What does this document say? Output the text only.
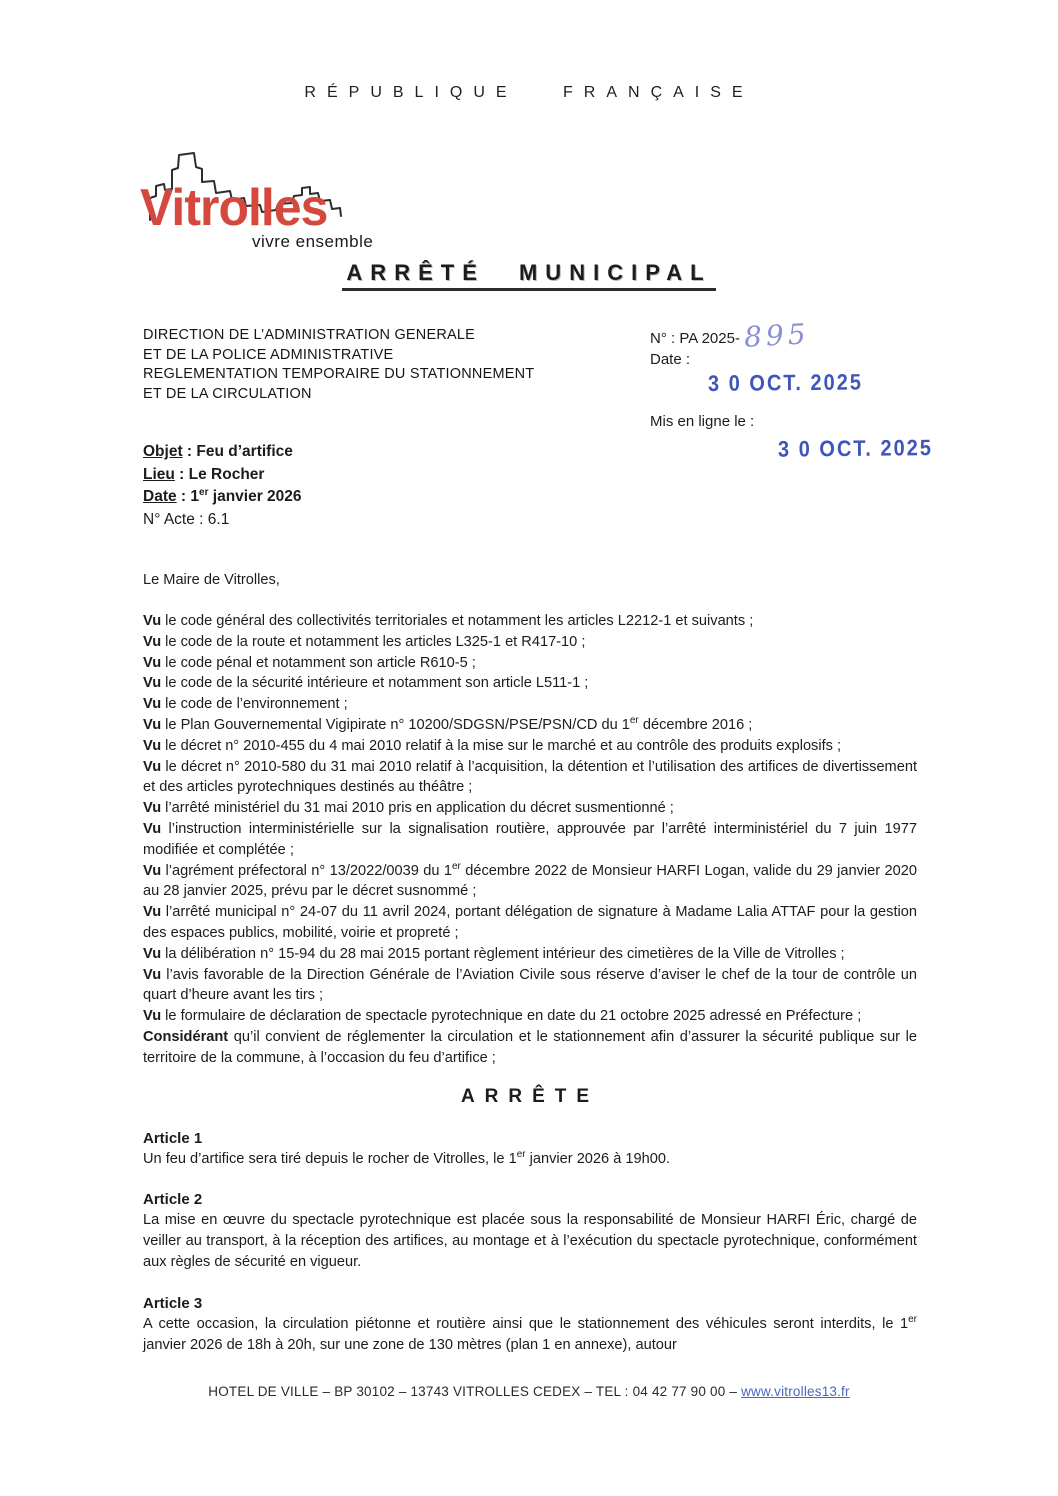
RÉPUBLIQUE FRANÇAISE
Vitrolles
vivre ensemble
ARRÊTÉ MUNICIPAL
DIRECTION DE L’ADMINISTRATION GENERALE
ET DE LA POLICE ADMINISTRATIVE
REGLEMENTATION TEMPORAIRE DU STATIONNEMENT
ET DE LA CIRCULATION
N° : PA 2025- 895
Date :
3 0 OCT. 2025
Mis en ligne le :
3 0 OCT. 2025
Objet : Feu d’artifice
Lieu : Le Rocher
Date : 1er janvier 2026
N° Acte : 6.1
Le Maire de Vitrolles,

Vu le code général des collectivités territoriales et notamment les articles L2212-1 et suivants ;

Vu le code de la route et notamment les articles L325-1 et R417-10 ;

Vu le code pénal et notamment son article R610-5 ;

Vu le code de la sécurité intérieure et notamment son article L511-1 ;

Vu le code de l’environnement ;

Vu le Plan Gouvernemental Vigipirate n° 10200/SDGSN/PSE/PSN/CD du 1er décembre 2016 ;

Vu le décret n° 2010-455 du 4 mai 2010 relatif à la mise sur le marché et au contrôle des produits explosifs ;

Vu le décret n° 2010-580 du 31 mai 2010 relatif à l’acquisition, la détention et l’utilisation des artifices de divertissement et des articles pyrotechniques destinés au théâtre ;

Vu l’arrêté ministériel du 31 mai 2010 pris en application du décret susmentionné ;

Vu l’instruction interministérielle sur la signalisation routière, approuvée par l’arrêté interministériel du 7 juin 1977 modifiée et complétée ;

Vu l’agrément préfectoral n° 13/2022/0039 du 1er décembre 2022 de Monsieur HARFI Logan, valide du 29 janvier 2020 au 28 janvier 2025, prévu par le décret susnommé ;

Vu l’arrêté municipal n° 24-07 du 11 avril 2024, portant délégation de signature à Madame Lalia ATTAF pour la gestion des espaces publics, mobilité, voirie et propreté ;

Vu la délibération n° 15-94 du 28 mai 2015 portant règlement intérieur des cimetières de la Ville de Vitrolles ;

Vu l’avis favorable de la Direction Générale de l’Aviation Civile sous réserve d’aviser le chef de la tour de contrôle un quart d’heure avant les tirs ;

Vu le formulaire de déclaration de spectacle pyrotechnique en date du 21 octobre 2025 adressé en Préfecture ;

Considérant qu’il convient de réglementer la circulation et le stationnement afin d’assurer la sécurité publique sur le territoire de la commune, à l’occasion du feu d’artifice ;

ARRÊTE
Article 1

Un feu d’artifice sera tiré depuis le rocher de Vitrolles, le 1er janvier 2026 à 19h00.

Article 2

La mise en œuvre du spectacle pyrotechnique est placée sous la responsabilité de Monsieur HARFI Éric, chargé de veiller au transport, à la réception des artifices, au montage et à l’exécution du spectacle pyrotechnique, conformément aux règles de sécurité en vigueur.

Article 3

A cette occasion, la circulation piétonne et routière ainsi que le stationnement des véhicules seront interdits, le 1er janvier 2026 de 18h à 20h, sur une zone de 130 mètres (plan 1 en annexe), autour

HOTEL DE VILLE – BP 30102 – 13743 VITROLLES CEDEX – TEL : 04 42 77 90 00 – www.vitrolles13.fr
